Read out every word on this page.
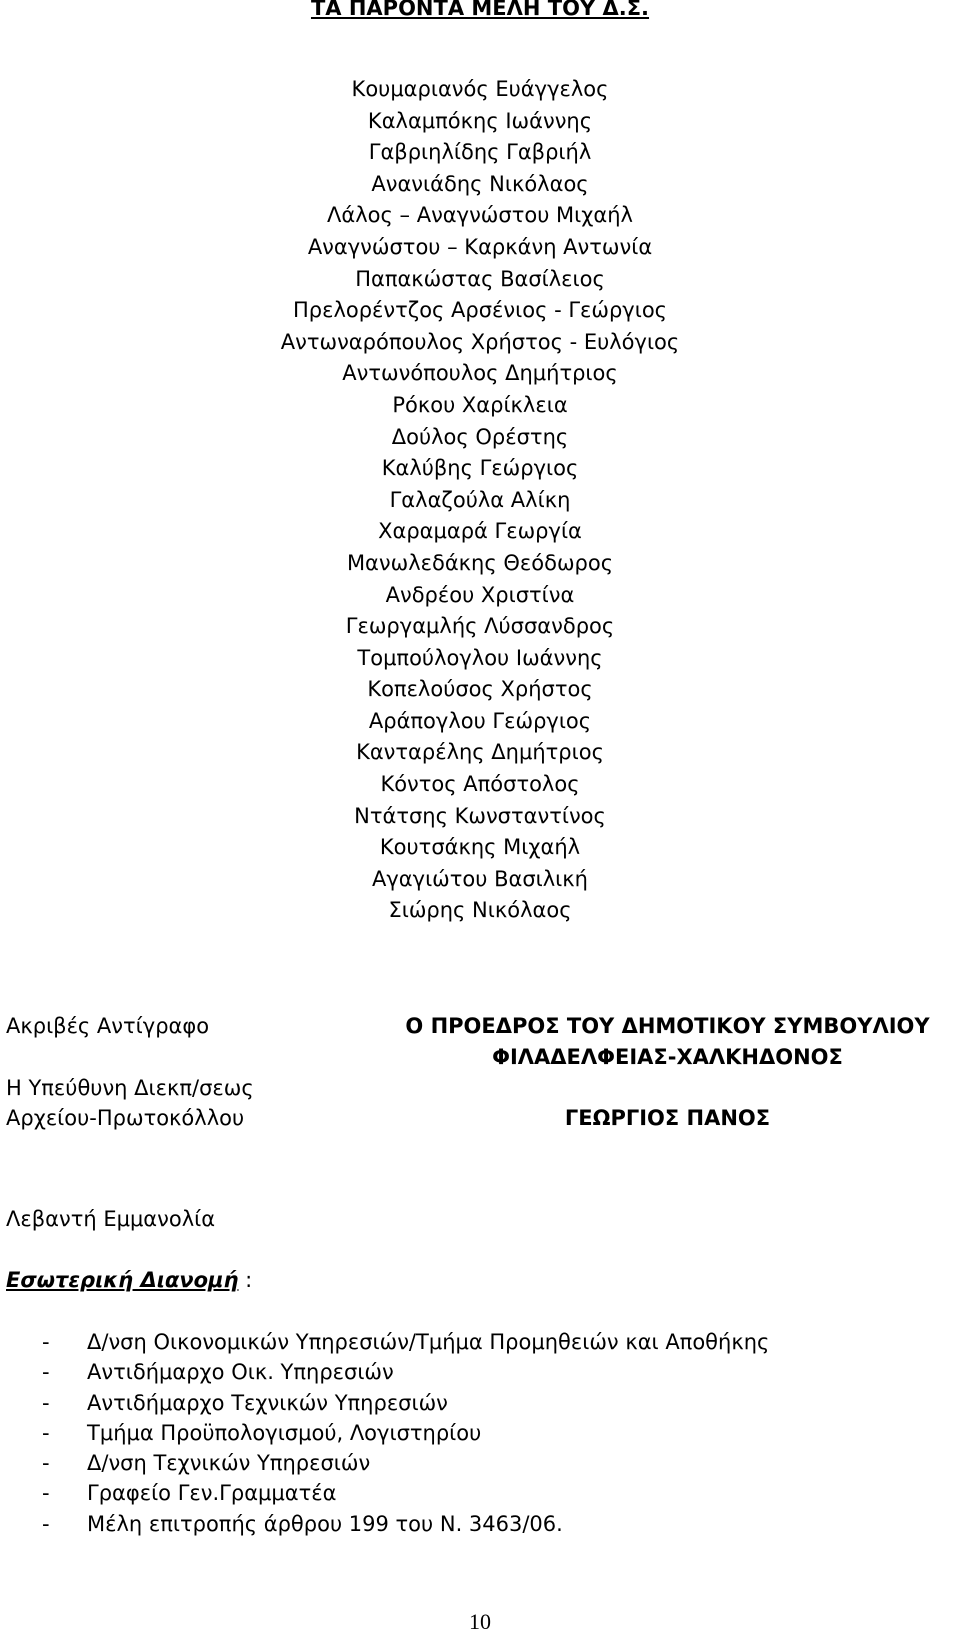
ΤΑ ΠΑΡΟΝΤΑ ΜΕΛΗ ΤΟΥ Δ.Σ.
Κουμαριανός Ευάγγελος
Καλαμπόκης Ιωάννης
Γαβριηλίδης Γαβριήλ
Ανανιάδης Νικόλαος
Λάλος – Αναγνώστου Μιχαήλ
Αναγνώστου – Καρκάνη Αντωνία
Παπακώστας Βασίλειος
Πρελορέντζος Αρσένιος - Γεώργιος
Αντωναρόπουλος Χρήστος - Ευλόγιος
Αντωνόπουλος Δημήτριος
Ρόκου Χαρίκλεια
Δούλος Ορέστης
Καλύβης Γεώργιος
Γαλαζούλα Αλίκη
Χαραμαρά Γεωργία
Μανωλεδάκης Θεόδωρος
Ανδρέου Χριστίνα
Γεωργαμλής Λύσσανδρος
Τομπούλογλου Ιωάννης
Κοπελούσος Χρήστος
Αράπογλου Γεώργιος
Κανταρέλης Δημήτριος
Κόντος Απόστολος
Ντάτσης Κωνσταντίνος
Κουτσάκης Μιχαήλ
Αγαγιώτου Βασιλική
Σιώρης Νικόλαος
Ακριβές Αντίγραφο
Η Υπεύθυνη Διεκπ/σεως
Αρχείου-Πρωτοκόλλου
Λεβαντή Εμμανολία
Ο ΠΡΟΕΔΡΟΣ ΤΟΥ ΔΗΜΟΤΙΚΟΥ ΣΥΜΒΟΥΛΙΟΥ
ΦΙΛΑΔΕΛΦΕΙΑΣ-ΧΑΛΚΗΔΟΝΟΣ
ΓΕΩΡΓΙΟΣ ΠΑΝΟΣ
Εσωτερική Διανομή :
- Δ/νση Οικονομικών Υπηρεσιών/Τμήμα Προμηθειών και Αποθήκης
- Αντιδήμαρχο Οικ. Υπηρεσιών
- Αντιδήμαρχο Τεχνικών Υπηρεσιών
- Τμήμα Προϋπολογισμού, Λογιστηρίου
- Δ/νση Τεχνικών Υπηρεσιών
- Γραφείο Γεν.Γραμματέα
- Μέλη επιτροπής άρθρου 199 του Ν. 3463/06.
10
